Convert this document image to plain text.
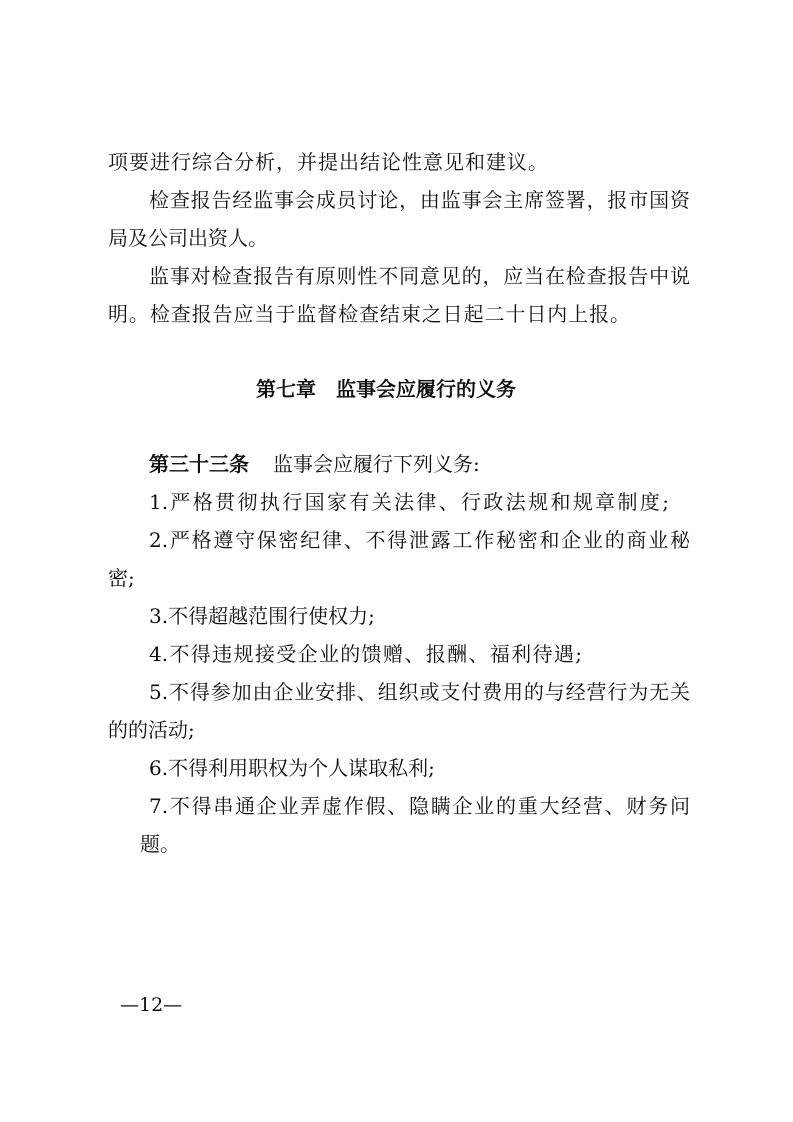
项要进行综合分析，并提出结论性意见和建议。
检查报告经监事会成员讨论，由监事会主席签署，报市国资
局及公司出资人。
监事对检查报告有原则性不同意见的，应当在检查报告中说
明。检查报告应当于监督检查结束之日起二十日内上报。
第七章　监事会应履行的义务
第三十三条 监事会应履行下列义务:
1.严格贯彻执行国家有关法律、行政法规和规章制度;
2.严格遵守保密纪律、不得泄露工作秘密和企业的商业秘
密;
3.不得超越范围行使权力;
4.不得违规接受企业的馈赠、报酬、福利待遇;
5.不得参加由企业安排、组织或支付费用的与经营行为无关
的的活动;
6.不得利用职权为个人谋取私利;
7.不得串通企业弄虚作假、隐瞒企业的重大经营、财务问
题。
—12—
